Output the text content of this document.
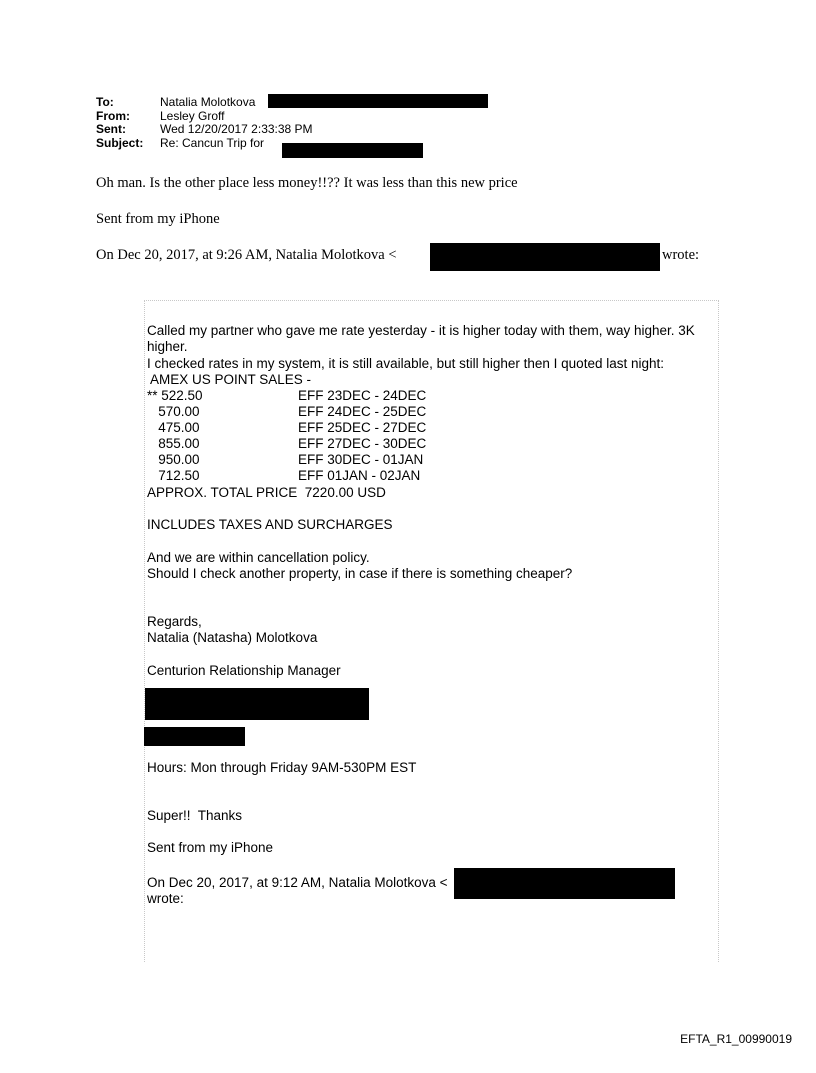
To:	Natalia Molotkova
From:	Lesley Groff
Sent:	Wed 12/20/2017 2:33:38 PM
Subject:	Re: Cancun Trip for
Oh man. Is the other place less money!!?? It was less than this new price
Sent from my iPhone
On Dec 20, 2017, at 9:26 AM, Natalia Molotkova <	wrote:
Called my partner who gave me rate yesterday - it is higher today with them, way higher. 3K
higher.
I checked rates in my system, it is still available, but still higher then I quoted last night:
AMEX US POINT SALES -
** 522.50	EFF 23DEC - 24DEC
570.00	EFF 24DEC - 25DEC
475.00	EFF 25DEC - 27DEC
855.00	EFF 27DEC - 30DEC
950.00	EFF 30DEC - 01JAN
712.50	EFF 01JAN - 02JAN
APPROX. TOTAL PRICE  7220.00 USD
INCLUDES TAXES AND SURCHARGES
And we are within cancellation policy.
Should I check another property, in case if there is something cheaper?
Regards,
Natalia (Natasha) Molotkova
Centurion Relationship Manager
Hours: Mon through Friday 9AM-530PM EST
Super!!  Thanks
Sent from my iPhone
On Dec 20, 2017, at 9:12 AM, Natalia Molotkova <
wrote:
EFTA_R1_00990019
